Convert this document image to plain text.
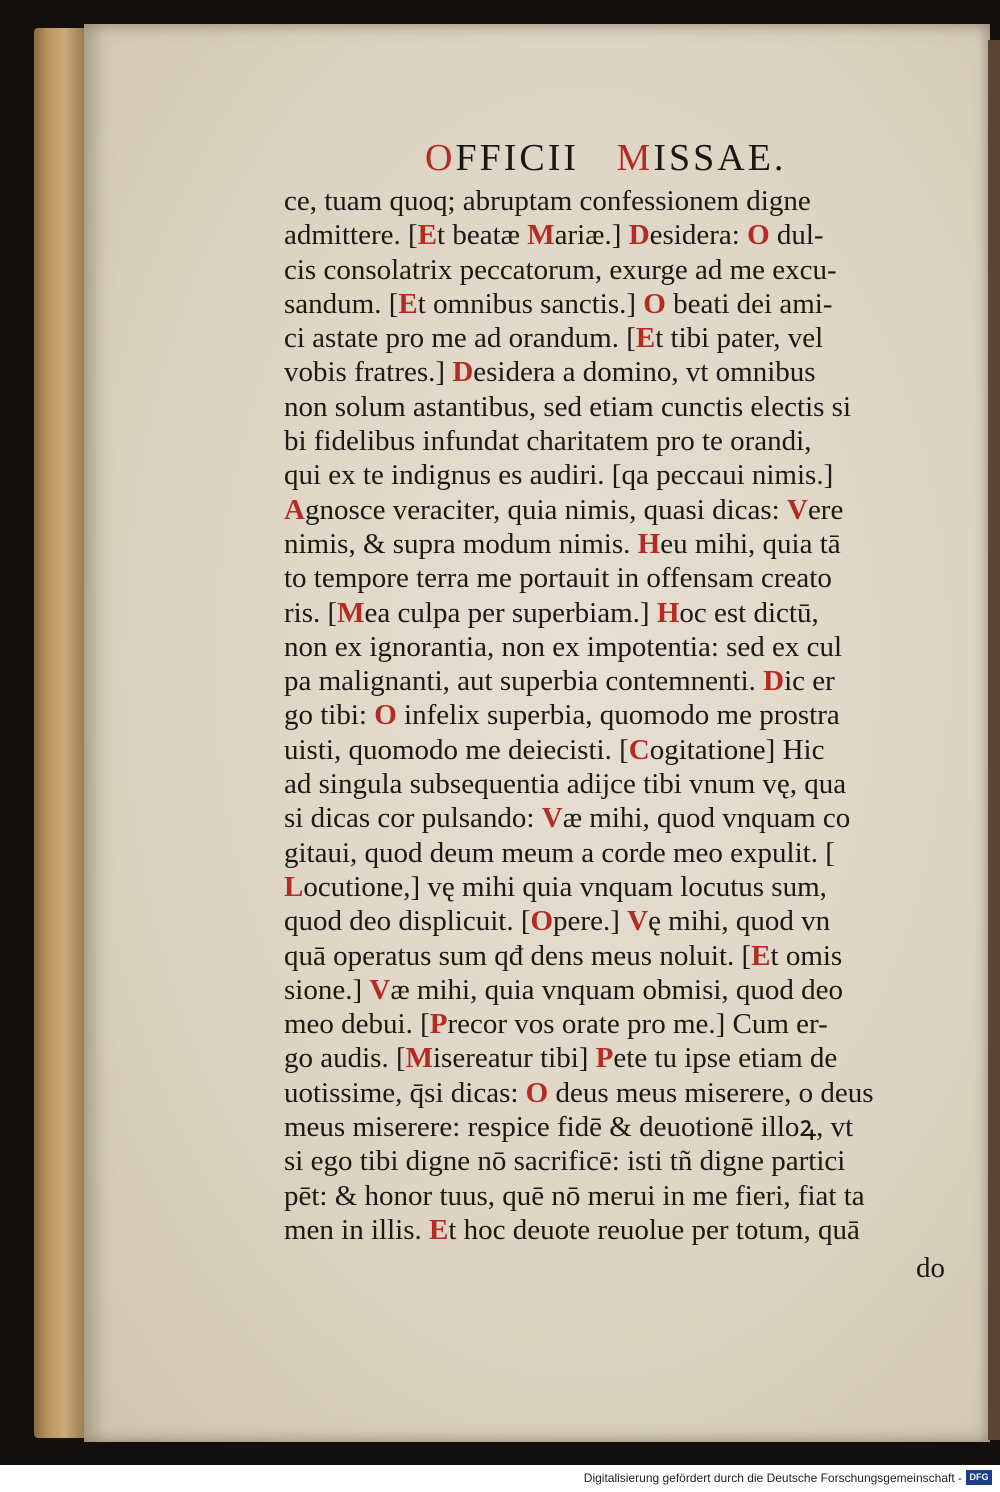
OFFICII MISSAE.
ce, tuam quoq; abruptam confessionem digne
admittere. [Et beatæ Mariæ.] Desidera: O dul-
cis consolatrix peccatorum, exurge ad me excu-
sandum. [Et omnibus sanctis.] O beati dei ami-
ci astate pro me ad orandum. [Et tibi pater, vel
vobis fratres.] Desidera a domino, vt omnibus
non solum astantibus, sed etiam cunctis electis si
bi fidelibus infundat charitatem pro te orandi,
qui ex te indignus es audiri. [qa peccaui nimis.]
Agnosce veraciter, quia nimis, quasi dicas: Vere
nimis, & supra modum nimis. Heu mihi, quia tā
to tempore terra me portauit in offensam creato
ris. [Mea culpa per superbiam.] Hoc est dictū,
non ex ignorantia, non ex impotentia: sed ex cul
pa malignanti, aut superbia contemnenti. Dic er
go tibi: O infelix superbia, quomodo me prostra
uisti, quomodo me deiecisti. [Cogitatione] Hic
ad singula subsequentia adijce tibi vnum vę, qua
si dicas cor pulsando: Væ mihi, quod vnquam co
gitaui, quod deum meum a corde meo expulit. [
Locutione,] vę mihi quia vnquam locutus sum,
quod deo displicuit. [Opere.] Vę mihi, quod vn
quā operatus sum qđ dens meus noluit. [Et omis
sione.] Væ mihi, quia vnquam obmisi, quod deo
meo debui. [Precor vos orate pro me.] Cum er-
go audis. [Misereatur tibi] Pete tu ipse etiam de
uotissime, q̄si dicas: O deus meus miserere, o deus
meus miserere: respice fidē & deuotionē illoꝝ, vt
si ego tibi digne nō sacrificē: isti tñ digne partici
pēt: & honor tuus, quē nō merui in me fieri, fiat ta
men in illis. Et hoc deuote reuolue per totum, quā
do
Digitalisierung gefördert durch die Deutsche Forschungsgemeinschaft - DFG
